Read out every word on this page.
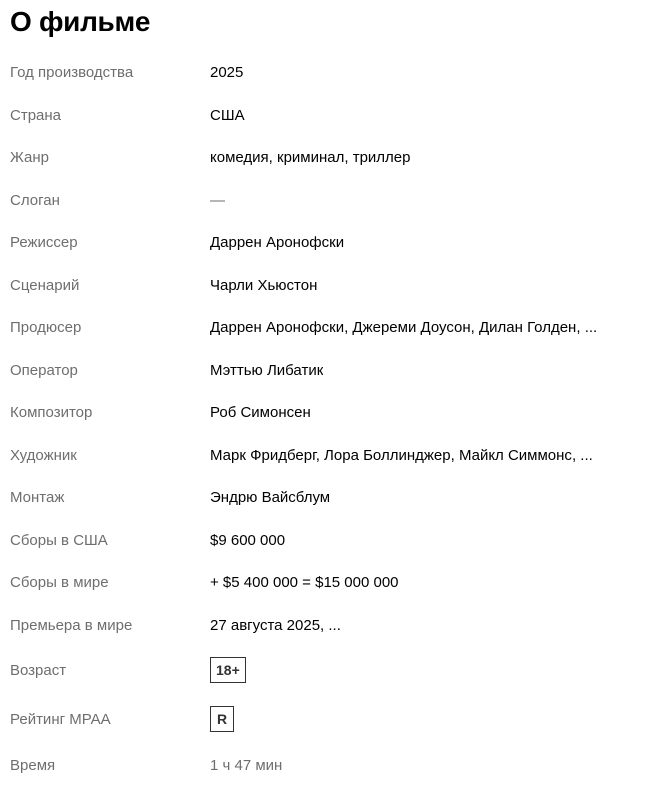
О фильме
Год производства	2025
Страна	США
Жанр	комедия, криминал, триллер
Слоган	—
Режиссер	Даррен Аронофски
Сценарий	Чарли Хьюстон
Продюсер	Даррен Аронофски, Джереми Доусон, Дилан Голден, ...
Оператор	Мэттью Либатик
Композитор	Роб Симонсен
Художник	Марк Фридберг, Лора Боллинджер, Майкл Симмонс, ...
Монтаж	Эндрю Вайсблум
Сборы в США	$9 600 000
Сборы в мире	+ $5 400 000 = $15 000 000
Премьера в мире	27 августа 2025, ...
Возраст	18+
Рейтинг MPAA	R
Время	1 ч 47 мин
